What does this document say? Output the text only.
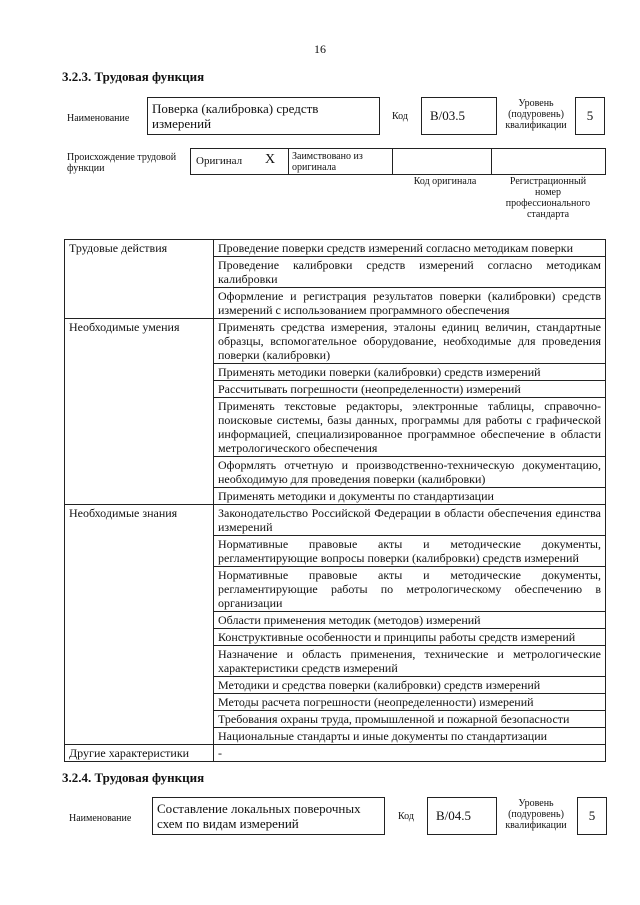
16
3.2.3. Трудовая функция
Наименование
Поверка (калибровка) средств измерений	Код	B/03.5
Уровень (подуровень) квалификации
5
Происхождение трудовой функции
Оригинал X Заимствовано из оригинала
Код оригинала	Регистрационный номер профессионального стандарта
Трудовые действия	Проведение поверки средств измерений согласно методикам поверки
	Проведение калибровки средств измерений согласно методикам калибровки
	Оформление и регистрация результатов поверки (калибровки) средств измерений с использованием программного обеспечения
Необходимые умения	Применять средства измерения, эталоны единиц величин, стандартные образцы, вспомогательное оборудование, необходимые для проведения поверки (калибровки)
	Применять методики поверки (калибровки) средств измерений
	Рассчитывать погрешности (неопределенности) измерений
	Применять текстовые редакторы, электронные таблицы, справочно-поисковые системы, базы данных, программы для работы с графической информацией, специализированное программное обеспечение в области метрологического обеспечения
	Оформлять отчетную и производственно-техническую документацию, необходимую для проведения поверки (калибровки)
	Применять методики и документы по стандартизации
Необходимые знания	Законодательство Российской Федерации в области обеспечения единства измерений
	Нормативные правовые акты и методические документы, регламентирующие вопросы поверки (калибровки) средств измерений
	Нормативные правовые акты и методические документы, регламентирующие работы по метрологическому обеспечению в организации
	Области применения методик (методов) измерений
	Конструктивные особенности и принципы работы средств измерений
	Назначение и область применения, технические и метрологические характеристики средств измерений
	Методики и средства поверки (калибровки) средств измерений
	Методы расчета погрешности (неопределенности) измерений
	Требования охраны труда, промышленной и пожарной безопасности
	Национальные стандарты и иные документы по стандартизации
Другие характеристики	-
3.2.4. Трудовая функция
Наименование
Составление локальных поверочных схем по видам измерений	Код	B/04.5
Уровень (подуровень) квалификации
5
